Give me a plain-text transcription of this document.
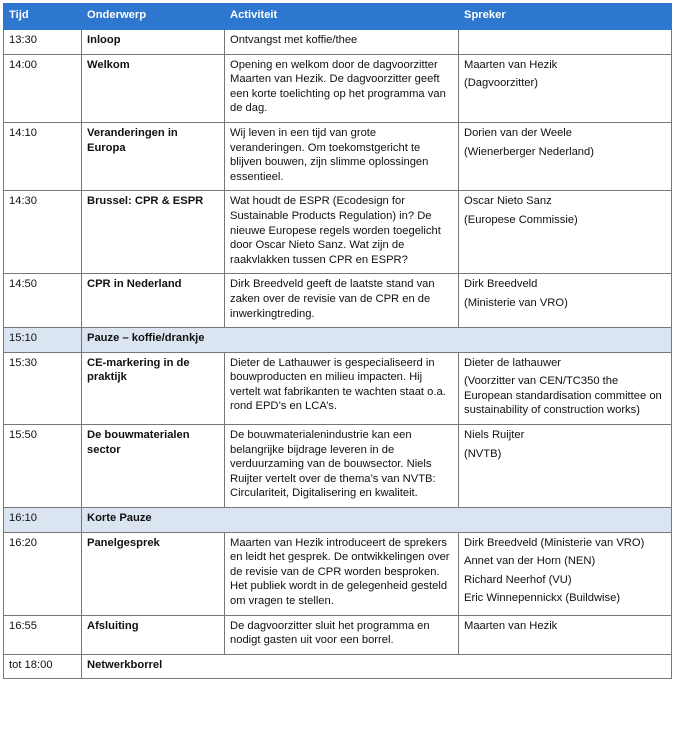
Tijd	Onderwerp	Activiteit	Spreker
13:30	Inloop	Ontvangst met koffie/thee	
14:00	Welkom	Opening en welkom door de dagvoorzitter Maarten van Hezik. De dagvoorzitter geeft een korte toelichting op het programma van de dag.	Maarten van Hezik

(Dagvoorzitter)

14:10	Veranderingen in Europa	Wij leven in een tijd van grote veranderingen. Om toekomstgericht te blijven bouwen, zijn slimme oplossingen essentieel.	Dorien van der Weele

(Wienerberger Nederland)

14:30	Brussel: CPR & ESPR	Wat houdt de ESPR (Ecodesign for Sustainable Products Regulation) in? De nieuwe Europese regels worden toegelicht door Oscar Nieto Sanz. Wat zijn de raakvlakken tussen CPR en ESPR?	Oscar Nieto Sanz

(Europese Commissie)

14:50	CPR in Nederland	Dirk Breedveld geeft de laatste stand van zaken over de revisie van de CPR en de inwerkingtreding.	Dirk Breedveld

(Ministerie van VRO)

15:10	Pauze – koffie/drankje		
15:30	CE-markering in de praktijk	Dieter de Lathauwer is gespecialiseerd in bouwproducten en milieu impacten. Hij vertelt wat fabrikanten te wachten staat o.a. rond EPD’s en LCA’s.	Dieter de lathauwer

(Voorzitter van CEN/TC350 the European standardisation committee on sustainability of construction works)

15:50	De bouwmaterialen sector	De bouwmaterialenindustrie kan een belangrijke bijdrage leveren in de verduurzaming van de bouwsector. Niels Ruijter vertelt over de thema’s van NVTB: Circulariteit, Digitalisering en kwaliteit.	Niels Ruijter

(NVTB)

16:10	Korte Pauze		
16:20	Panelgesprek	Maarten van Hezik introduceert de sprekers en leidt het gesprek. De ontwikkelingen over de revisie van de CPR worden besproken. Het publiek wordt in de gelegenheid gesteld om vragen te stellen.	Dirk Breedveld (Ministerie van VRO)

Annet van der Horn (NEN)

Richard Neerhof (VU)

Eric Winnepennickx (Buildwise)

16:55	Afsluiting	De dagvoorzitter sluit het programma en nodigt gasten uit voor een borrel.	Maarten van Hezik

tot 18:00	Netwerkborrel		
